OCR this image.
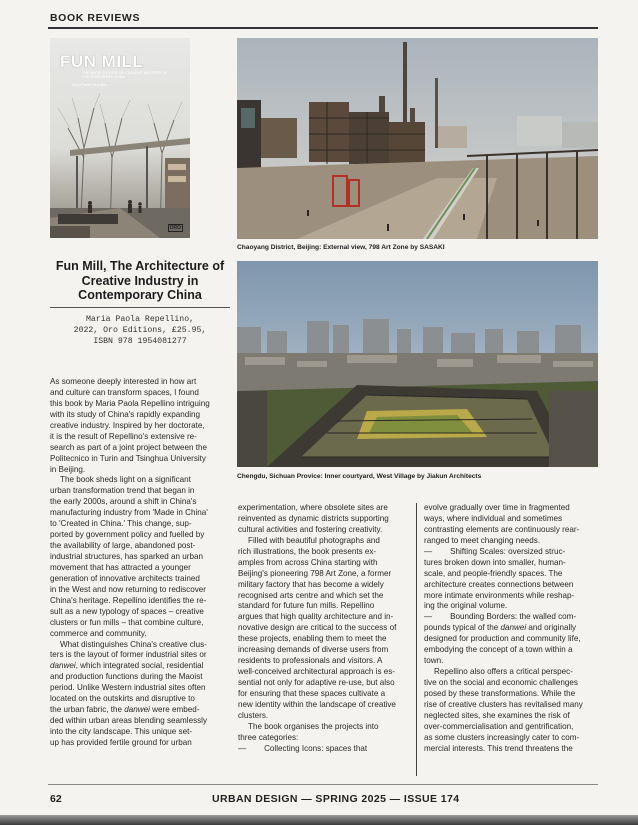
BOOK REVIEWS
FUN MILL
THE ARCHITECTURE OF CREATIVE INDUSTRY IN CONTEMPORARY CHINA
Maria Paola Repellino
ORO
Fun Mill, The Architecture of Creative Industry in Contemporary China
Maria Paola Repellino,
2022, Oro Editions, £25.95,
ISBN 978 1954081277
Chaoyang District, Beijing: External view, 798 Art Zone by SASAKI
Chengdu, Sichuan Provice: Inner courtyard, West Village by Jiakun Architects
As someone deeply interested in how art
and culture can transform spaces, I found
this book by Maria Paola Repellino intriguing
with its study of China's rapidly expanding
creative industry. Inspired by her doctorate,
it is the result of Repellino's extensive re-
search as part of a joint project between the
Politecnico in Turin and Tsinghua University
in Beijing.
The book sheds light on a significant
urban transformation trend that began in
the early 2000s, around a shift in China's
manufacturing industry from 'Made in China'
to 'Created in China.' This change, sup-
ported by government policy and fuelled by
the availability of large, abandoned post-
industrial structures, has sparked an urban
movement that has attracted a younger
generation of innovative architects trained
in the West and now returning to rediscover
China's heritage. Repellino identifies the re-
sult as a new typology of spaces – creative
clusters or fun mills – that combine culture,
commerce and community.
What distinguishes China's creative clus-
ters is the layout of former industrial sites or
danwei, which integrated social, residential
and production functions during the Maoist
period. Unlike Western industrial sites often
located on the outskirts and disruptive to
the urban fabric, the danwei were embed-
ded within urban areas blending seamlessly
into the city landscape. This unique set-
up has provided fertile ground for urban
experimentation, where obsolete sites are
reinvented as dynamic districts supporting
cultural activities and fostering creativity.
Filled with beautiful photographs and
rich illustrations, the book presents ex-
amples from across China starting with
Beijing's pioneering 798 Art Zone, a former
military factory that has become a widely
recognised arts centre and which set the
standard for future fun mills. Repellino
argues that high quality architecture and in-
novative design are critical to the success of
these projects, enabling them to meet the
increasing demands of diverse users from
residents to professionals and visitors. A
well-conceived architectural approach is es-
sential not only for adaptive re-use, but also
for ensuring that these spaces cultivate a
new identity within the landscape of creative
clusters.
The book organises the projects into
three categories:
—        Collecting Icons: spaces that
evolve gradually over time in fragmented
ways, where individual and sometimes
contrasting elements are continuously rear-
ranged to meet changing needs.
—        Shifting Scales: oversized struc-
tures broken down into smaller, human-
scale, and people-friendly spaces. The
architecture creates connections between
more intimate environments while reshap-
ing the original volume.
—        Bounding Borders: the walled com-
pounds typical of the danwei and originally
designed for production and community life,
embodying the concept of a town within a
town.
Repellino also offers a critical perspec-
tive on the social and economic challenges
posed by these transformations. While the
rise of creative clusters has revitalised many
neglected sites, she examines the risk of
over-commercialisation and gentrification,
as some clusters increasingly cater to com-
mercial interests. This trend threatens the
62	URBAN DESIGN — SPRING 2025 — ISSUE 174
